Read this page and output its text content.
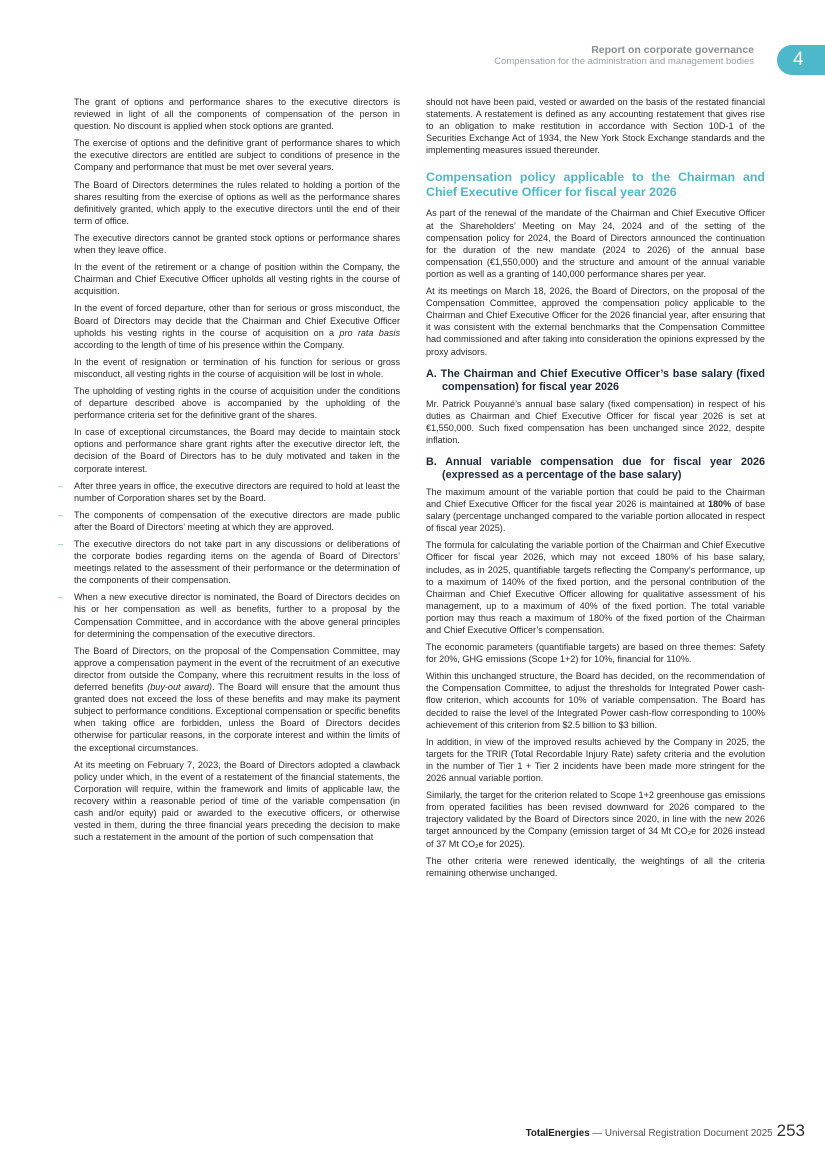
Report on corporate governance
Compensation for the administration and management bodies	4

The grant of options and performance shares to the executive directors is reviewed in light of all the components of compensation of the person in question. No discount is applied when stock options are granted.

The exercise of options and the definitive grant of performance shares to which the executive directors are entitled are subject to conditions of presence in the Company and performance that must be met over several years.

The Board of Directors determines the rules related to holding a portion of the shares resulting from the exercise of options as well as the performance shares definitively granted, which apply to the executive directors until the end of their term of office.

The executive directors cannot be granted stock options or performance shares when they leave office.

In the event of the retirement or a change of position within the Company, the Chairman and Chief Executive Officer upholds all vesting rights in the course of acquisition.

In the event of forced departure, other than for serious or gross misconduct, the Board of Directors may decide that the Chairman and Chief Executive Officer upholds his vesting rights in the course of acquisition on a pro rata basis according to the length of time of his presence within the Company.

In the event of resignation or termination of his function for serious or gross misconduct, all vesting rights in the course of acquisition will be lost in whole.

The upholding of vesting rights in the course of acquisition under the conditions of departure described above is accompanied by the upholding of the performance criteria set for the definitive grant of the shares.

In case of exceptional circumstances, the Board may decide to maintain stock options and performance share grant rights after the executive director left, the decision of the Board of Directors has to be duly motivated and taken in the corporate interest.

– After three years in office, the executive directors are required to hold at least the number of Corporation shares set by the Board.
– The components of compensation of the executive directors are made public after the Board of Directors’ meeting at which they are approved.
– The executive directors do not take part in any discussions or deliberations of the corporate bodies regarding items on the agenda of Board of Directors’ meetings related to the assessment of their performance or the determination of the components of their compensation.
– When a new executive director is nominated, the Board of Directors decides on his or her compensation as well as benefits, further to a proposal by the Compensation Committee, and in accordance with the above general principles for determining the compensation of the executive directors.

The Board of Directors, on the proposal of the Compensation Committee, may approve a compensation payment in the event of the recruitment of an executive director from outside the Company, where this recruitment results in the loss of deferred benefits (buy-out award). The Board will ensure that the amount thus granted does not exceed the loss of these benefits and may make its payment subject to performance conditions. Exceptional compensation or specific benefits when taking office are forbidden, unless the Board of Directors decides otherwise for particular reasons, in the corporate interest and within the limits of the exceptional circumstances.

At its meeting on February 7, 2023, the Board of Directors adopted a clawback policy under which, in the event of a restatement of the financial statements, the Corporation will require, within the framework and limits of applicable law, the recovery within a reasonable period of time of the variable compensation (in cash and/or equity) paid or awarded to the executive officers, or otherwise vested in them, during the three financial years preceding the decision to make such a restatement in the amount of the portion of such compensation that

should not have been paid, vested or awarded on the basis of the restated financial statements. A restatement is defined as any accounting restatement that gives rise to an obligation to make restitution in accordance with Section 10D-1 of the Securities Exchange Act of 1934, the New York Stock Exchange standards and the implementing measures issued thereunder.

Compensation policy applicable to the Chairman and Chief Executive Officer for fiscal year 2026

As part of the renewal of the mandate of the Chairman and Chief Executive Officer at the Shareholders’ Meeting on May 24, 2024 and of the setting of the compensation policy for 2024, the Board of Directors announced the continuation for the duration of the new mandate (2024 to 2026) of the annual base compensation (€1,550,000) and the structure and amount of the annual variable portion as well as a granting of 140,000 performance shares per year.

At its meetings on March 18, 2026, the Board of Directors, on the proposal of the Compensation Committee, approved the compensation policy applicable to the Chairman and Chief Executive Officer for the 2026 financial year, after ensuring that it was consistent with the external benchmarks that the Compensation Committee had commissioned and after taking into consideration the opinions expressed by the proxy advisors.

A. The Chairman and Chief Executive Officer’s base salary (fixed compensation) for fiscal year 2026

Mr. Patrick Pouyanné’s annual base salary (fixed compensation) in respect of his duties as Chairman and Chief Executive Officer for fiscal year 2026 is set at €1,550,000. Such fixed compensation has been unchanged since 2022, despite inflation.

B. Annual variable compensation due for fiscal year 2026 (expressed as a percentage of the base salary)

The maximum amount of the variable portion that could be paid to the Chairman and Chief Executive Officer for the fiscal year 2026 is maintained at 180% of base salary (percentage unchanged compared to the variable portion allocated in respect of fiscal year 2025).

The formula for calculating the variable portion of the Chairman and Chief Executive Officer for fiscal year 2026, which may not exceed 180% of his base salary, includes, as in 2025, quantifiable targets reflecting the Company’s performance, up to a maximum of 140% of the fixed portion, and the personal contribution of the Chairman and Chief Executive Officer allowing for qualitative assessment of his management, up to a maximum of 40% of the fixed portion. The total variable portion may thus reach a maximum of 180% of the fixed portion of the Chairman and Chief Executive Officer’s compensation.

The economic parameters (quantifiable targets) are based on three themes: Safety for 20%, GHG emissions (Scope 1+2) for 10%, financial for 110%.

Within this unchanged structure, the Board has decided, on the recommendation of the Compensation Committee, to adjust the thresholds for Integrated Power cash-flow criterion, which accounts for 10% of variable compensation. The Board has decided to raise the level of the Integrated Power cash-flow corresponding to 100% achievement of this criterion from $2.5 billion to $3 billion.

In addition, in view of the improved results achieved by the Company in 2025, the targets for the TRIR (Total Recordable Injury Rate) safety criteria and the evolution in the number of Tier 1 + Tier 2 incidents have been made more stringent for the 2026 annual variable portion.

Similarly, the target for the criterion related to Scope 1+2 greenhouse gas emissions from operated facilities has been revised downward for 2026 compared to the trajectory validated by the Board of Directors since 2020, in line with the new 2026 target announced by the Company (emission target of 34 Mt CO₂e for 2026 instead of 37 Mt CO₂e for 2025).

The other criteria were renewed identically, the weightings of all the criteria remaining otherwise unchanged.

TotalEnergies — Universal Registration Document 2025 253
